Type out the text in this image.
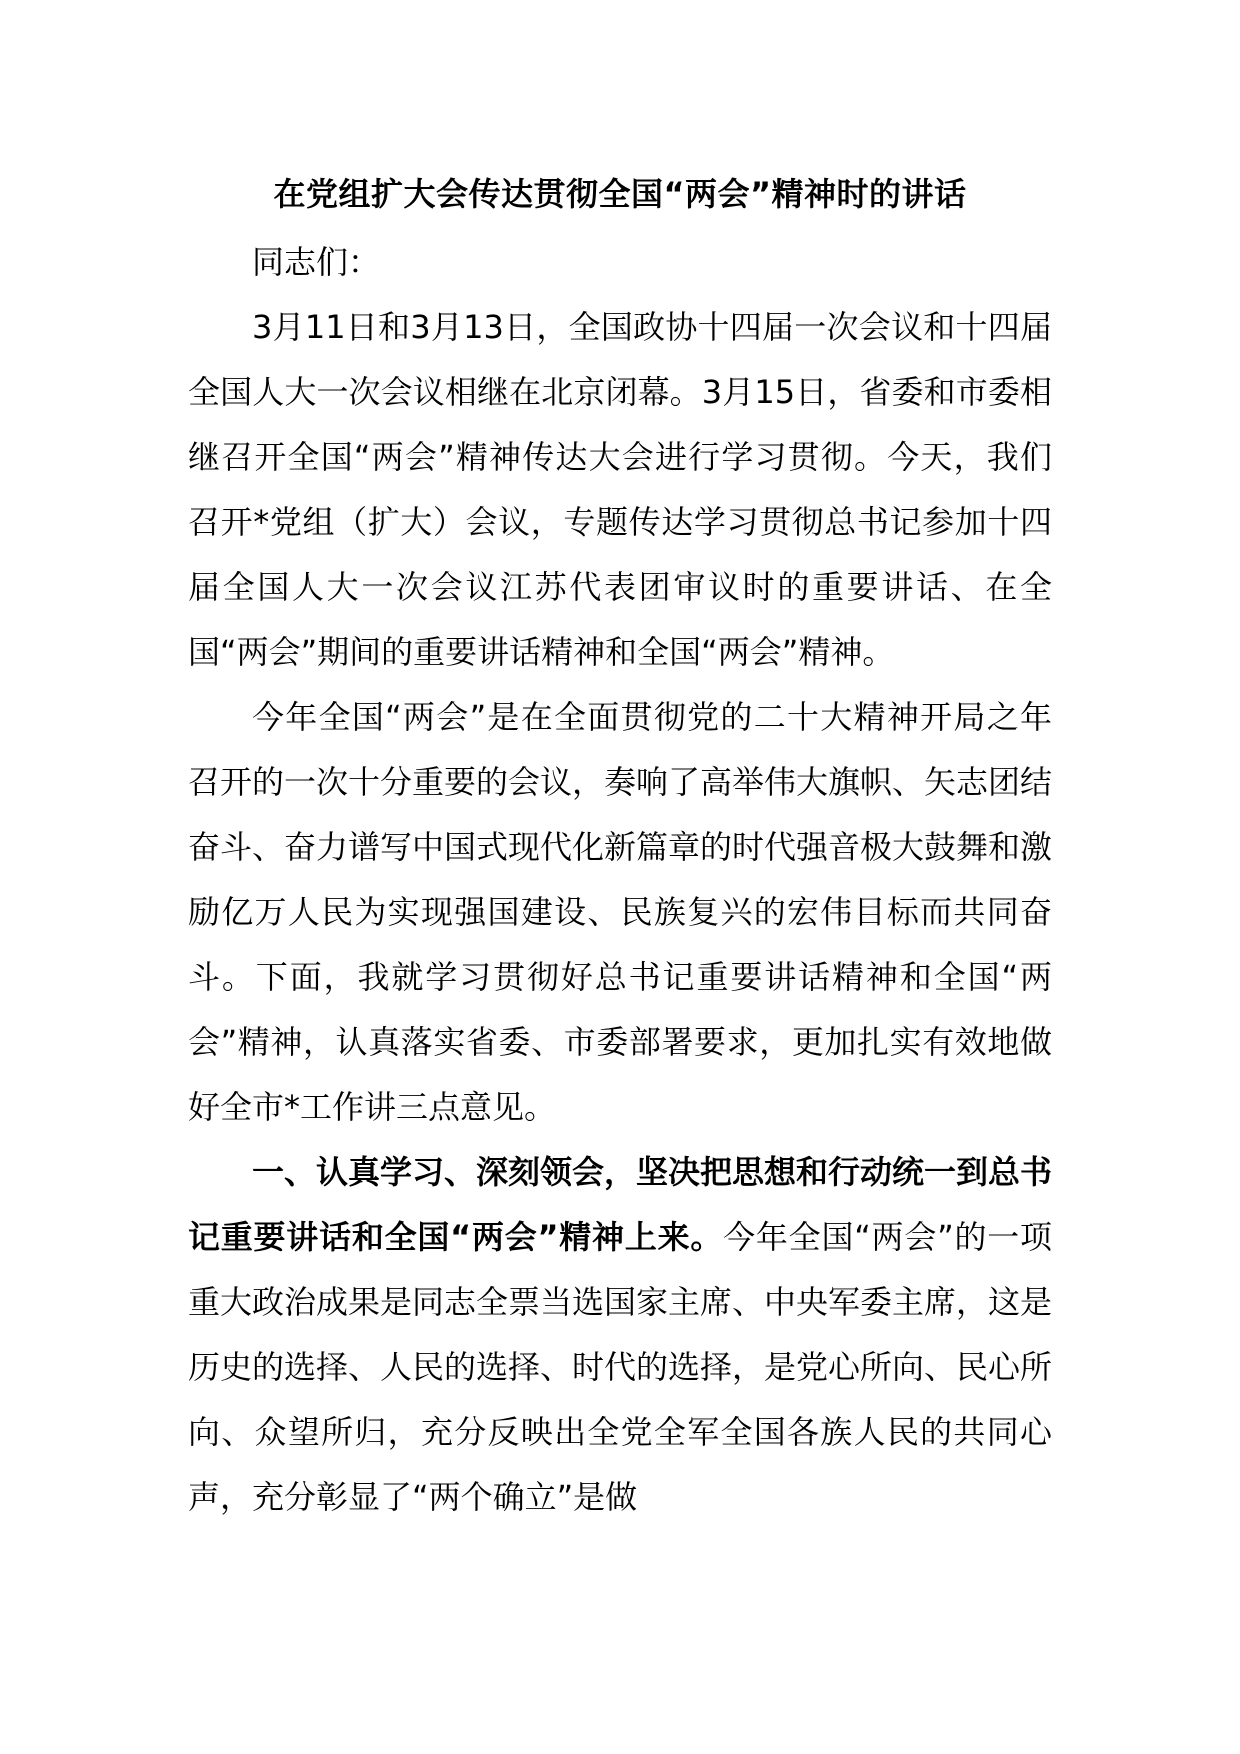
在党组扩大会传达贯彻全国“两会”精神时的讲话

同志们：

3月11日和3月13日，全国政协十四届一次会议和十四届全国人大一次会议相继在北京闭幕。3月15日，省委和市委相继召开全国“两会”精神传达大会进行学习贯彻。今天，我们召开*党组（扩大）会议，专题传达学习贯彻总书记参加十四届全国人大一次会议江苏代表团审议时的重要讲话、在全国“两会”期间的重要讲话精神和全国“两会”精神。

今年全国“两会”是在全面贯彻党的二十大精神开局之年召开的一次十分重要的会议，奏响了高举伟大旗帜、矢志团结奋斗、奋力谱写中国式现代化新篇章的时代强音极大鼓舞和激励亿万人民为实现强国建设、民族复兴的宏伟目标而共同奋斗。下面，我就学习贯彻好总书记重要讲话精神和全国“两会”精神，认真落实省委、市委部署要求，更加扎实有效地做好全市*工作讲三点意见。

一、认真学习、深刻领会，坚决把思想和行动统一到总书记重要讲话和全国“两会”精神上来。今年全国“两会”的一项重大政治成果是同志全票当选国家主席、中央军委主席，这是历史的选择、人民的选择、时代的选择，是党心所向、民心所向、众望所归，充分反映出全党全军全国各族人民的共同心声，充分彰显了“两个确立”是做
